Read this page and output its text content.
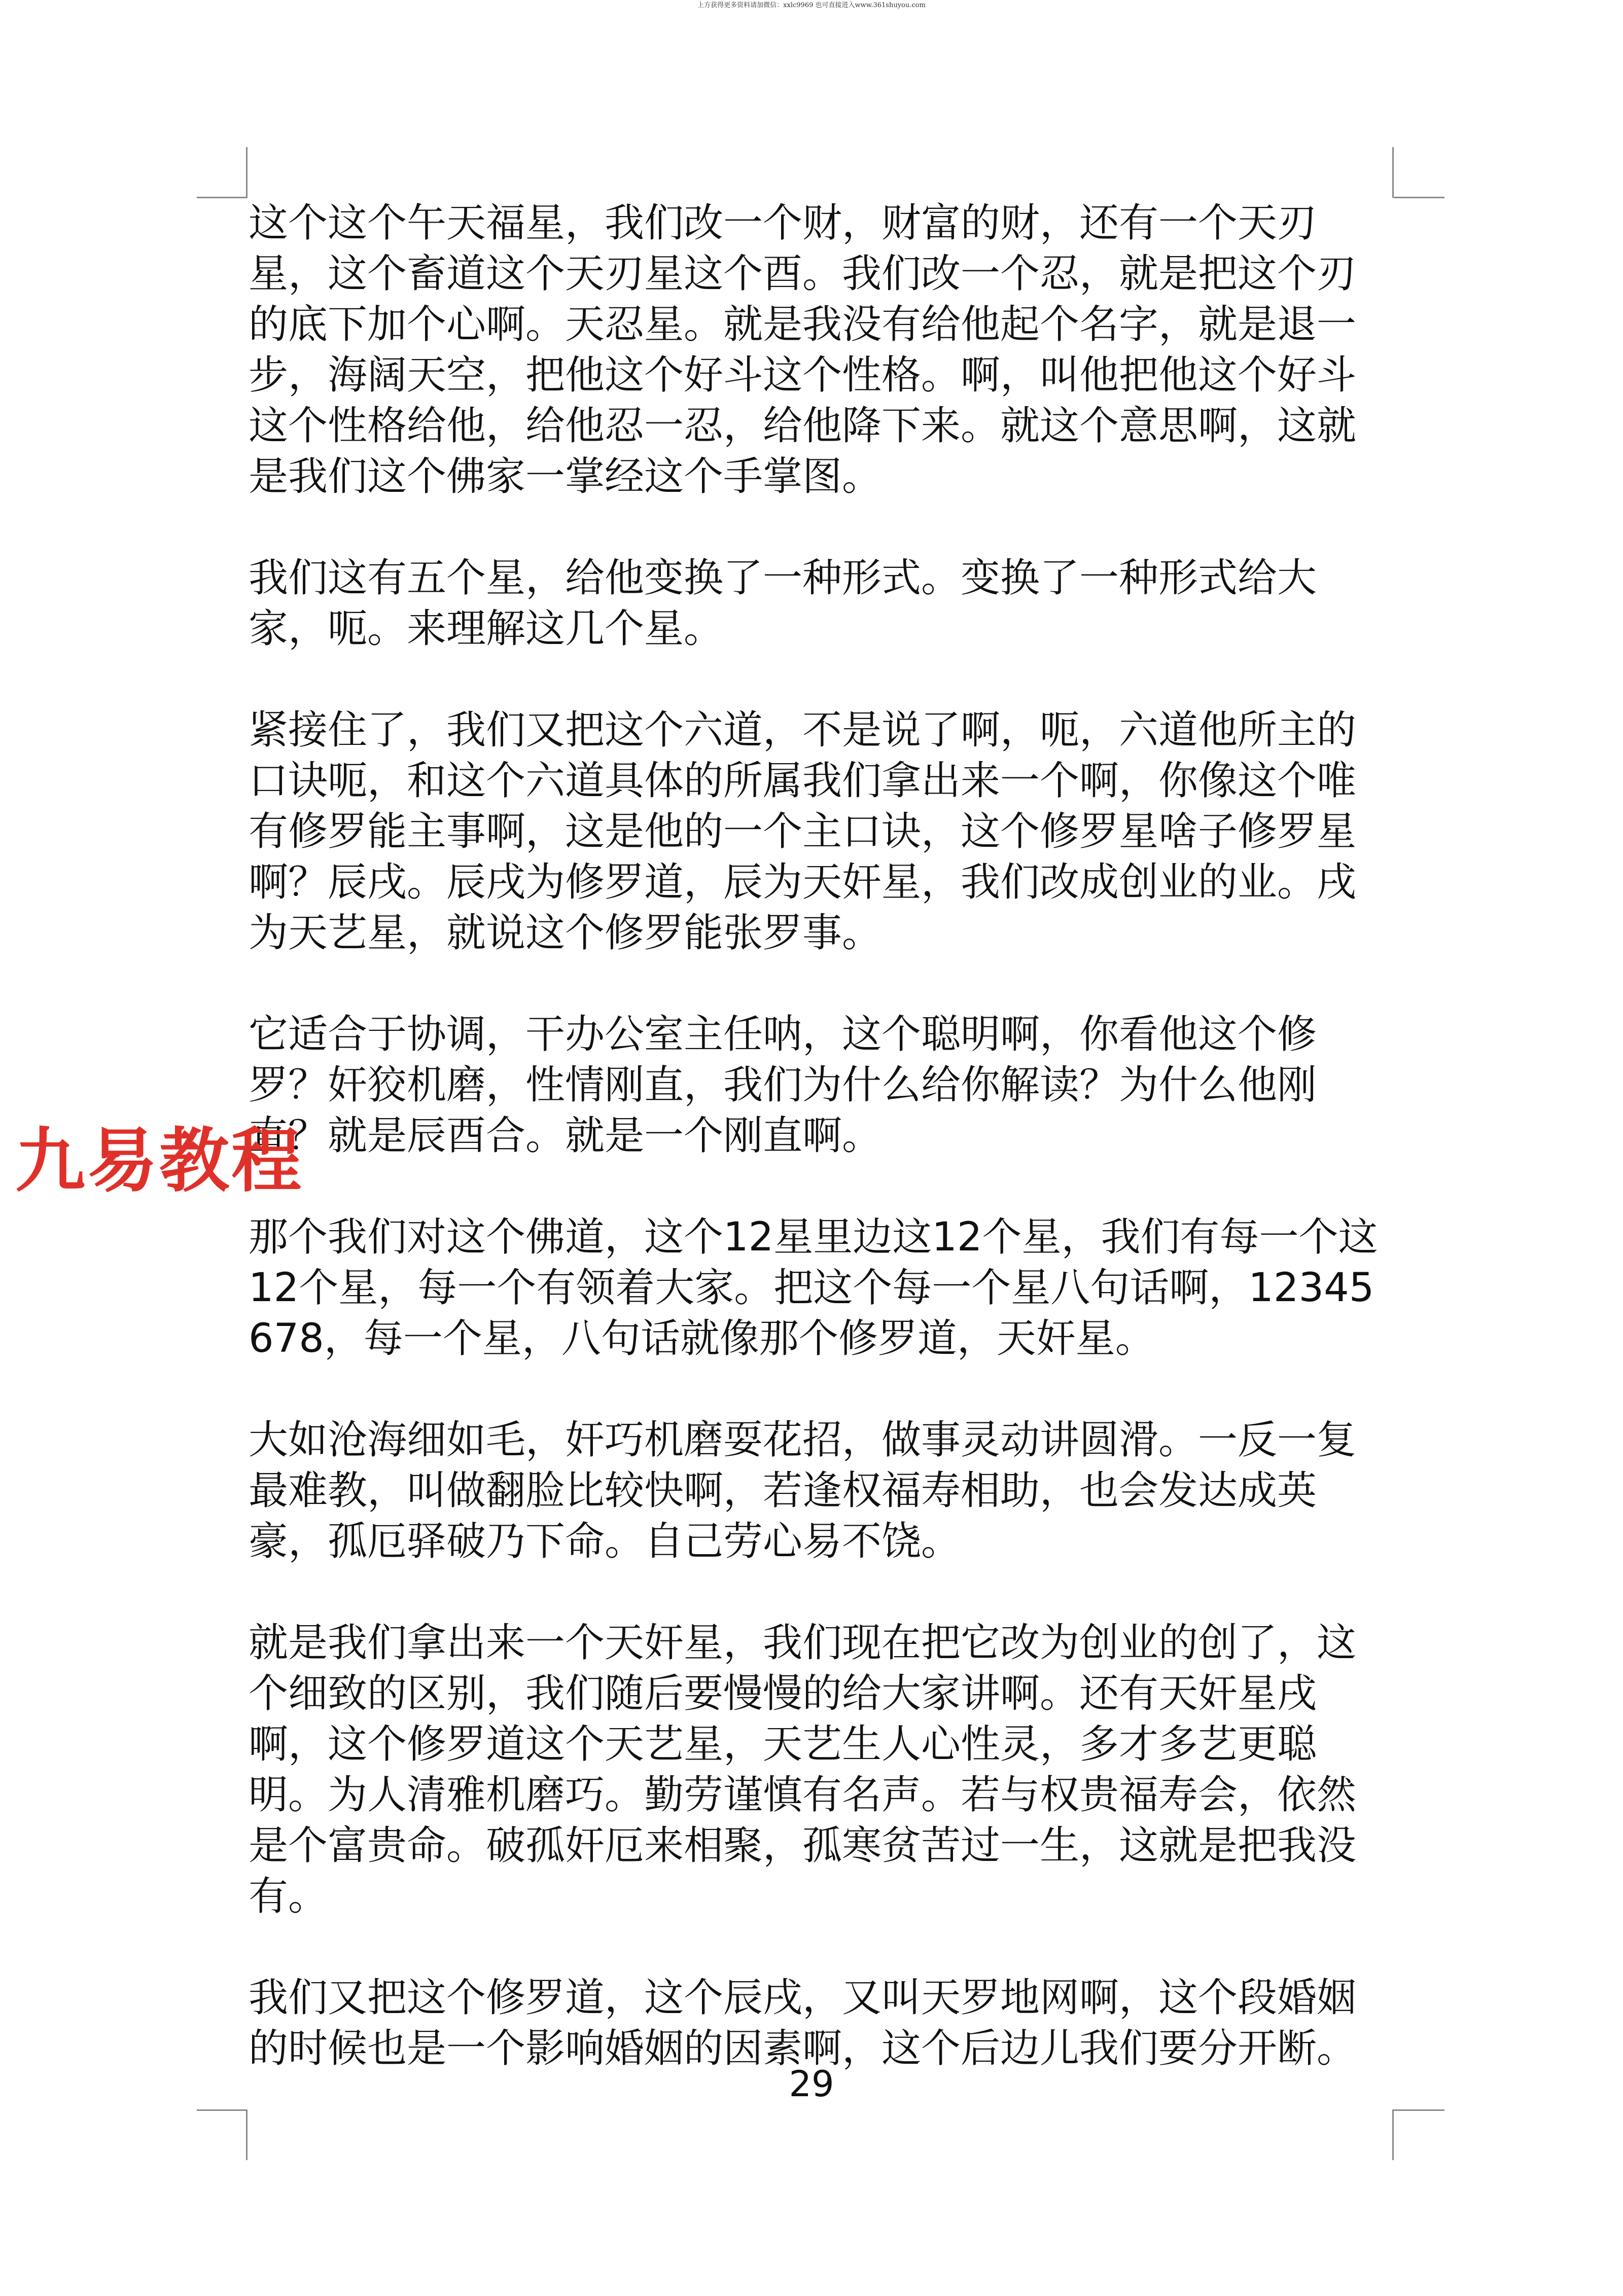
上方获得更多资料请加微信：xxlc9969 也可直接进入www.361shuyou.com

这个这个午天福星，我们改一个财，财富的财，还有一个天刃星，这个畜道这个天刃星这个酉。我们改一个忍，就是把这个刃的底下加个心啊。天忍星。就是我没有给他起个名字，就是退一步，海阔天空，把他这个好斗这个性格。啊，叫他把他这个好斗这个性格给他，给他忍一忍，给他降下来。就这个意思啊，这就是我们这个佛家一掌经这个手掌图。

我们这有五个星，给他变换了一种形式。变换了一种形式给大家，呃。来理解这几个星。

紧接住了，我们又把这个六道，不是说了啊，呃，六道他所主的口诀呃，和这个六道具体的所属我们拿出来一个啊，你像这个唯有修罗能主事啊，这是他的一个主口诀，这个修罗星啥子修罗星啊？辰戌。辰戌为修罗道，辰为天奸星，我们改成创业的业。戌为天艺星，就说这个修罗能张罗事。

它适合于协调，干办公室主任呐，这个聪明啊，你看他这个修罗？奸狡机磨，性情刚直，我们为什么给你解读？为什么他刚直？就是辰酉合。就是一个刚直啊。

那个我们对这个佛道，这个12星里边这12个星，我们有每一个这12个星，每一个有领着大家。把这个每一个星八句话啊，12345678，每一个星，八句话就像那个修罗道，天奸星。

大如沧海细如毛，奸巧机磨耍花招，做事灵动讲圆滑。一反一复最难教，叫做翻脸比较快啊，若逢权福寿相助，也会发达成英豪，孤厄驿破乃下命。自己劳心易不饶。

就是我们拿出来一个天奸星，我们现在把它改为创业的创了，这个细致的区别，我们随后要慢慢的给大家讲啊。还有天奸星戌啊，这个修罗道这个天艺星，天艺生人心性灵，多才多艺更聪明。为人清雅机磨巧。勤劳谨慎有名声。若与权贵福寿会，依然是个富贵命。破孤奸厄来相聚，孤寒贫苦过一生，这就是把我没有。

我们又把这个修罗道，这个辰戌，又叫天罗地网啊，这个段婚姻的时候也是一个影响婚姻的因素啊，这个后边儿我们要分开断。

九易教程
29
